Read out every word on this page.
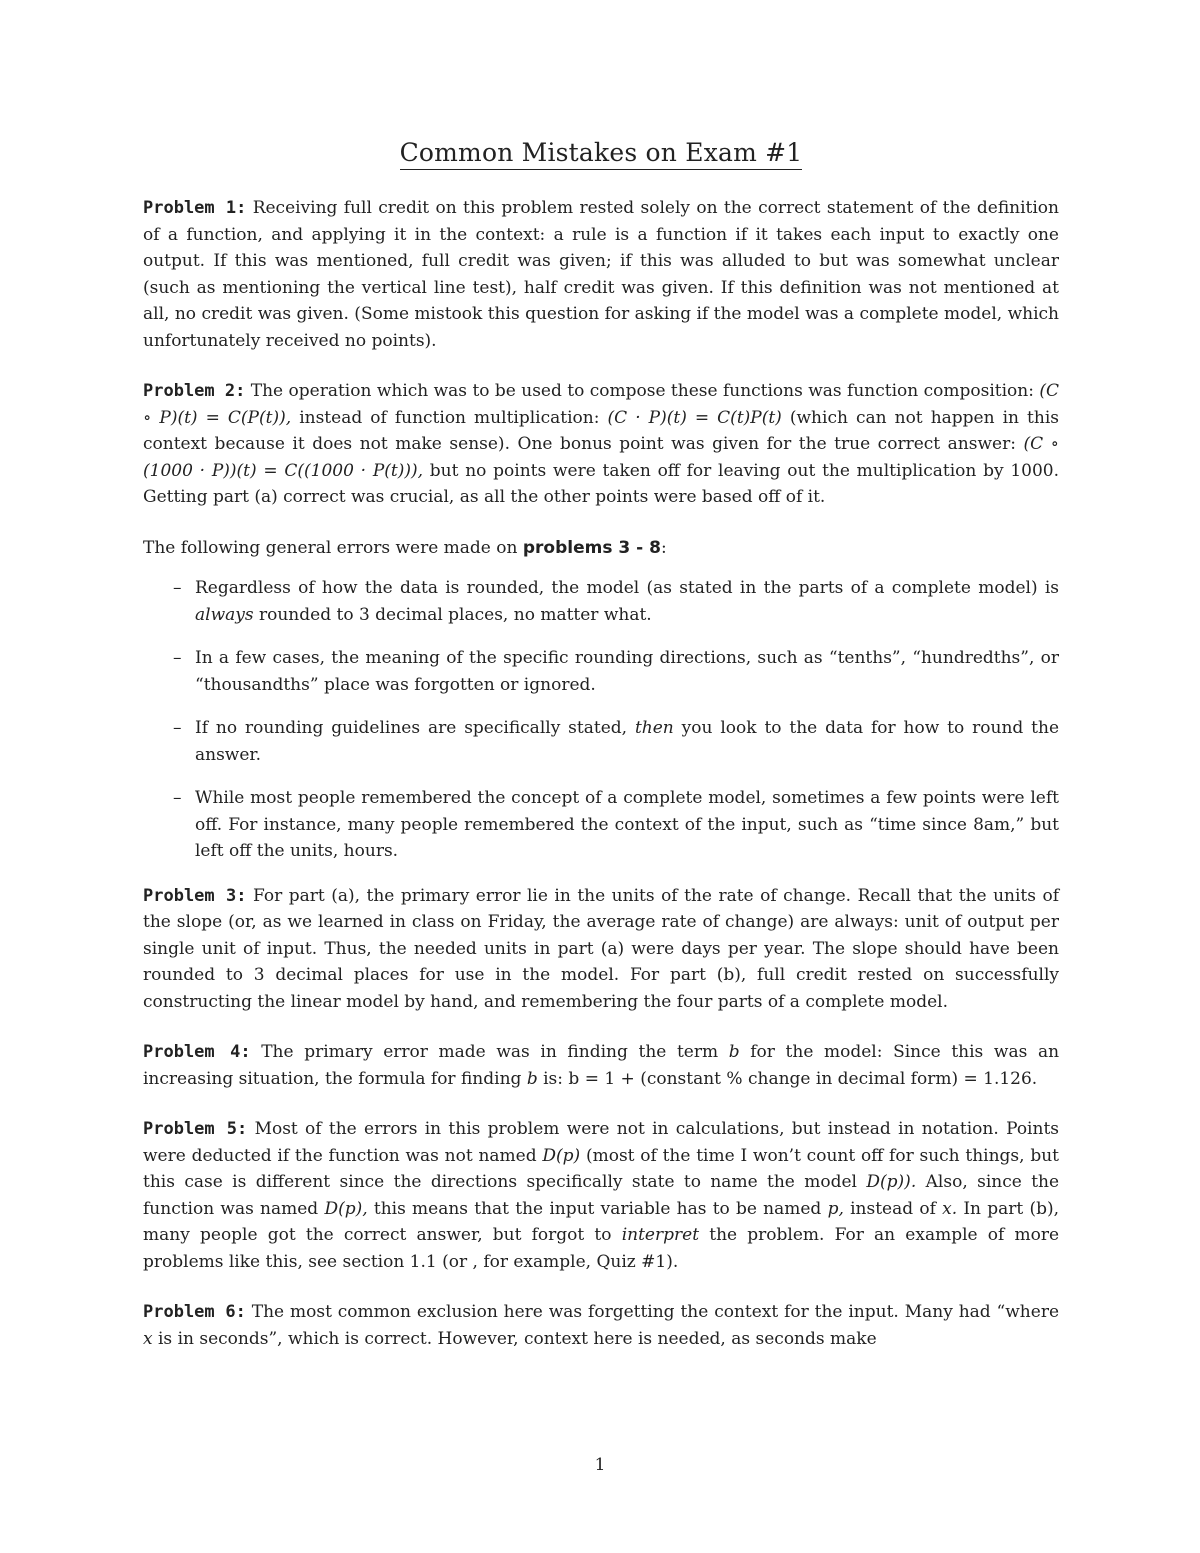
Common Mistakes on Exam #1

Problem 1: Receiving full credit on this problem rested solely on the correct statement of the definition of a function, and applying it in the context: a rule is a function if it takes each input to exactly one output. If this was mentioned, full credit was given; if this was alluded to but was somewhat unclear (such as mentioning the vertical line test), half credit was given. If this definition was not mentioned at all, no credit was given. (Some mistook this question for asking if the model was a complete model, which unfortunately received no points).

Problem 2: The operation which was to be used to compose these functions was function composition: (C ∘ P)(t) = C(P(t)), instead of function multiplication: (C · P)(t) = C(t)P(t) (which can not happen in this context because it does not make sense). One bonus point was given for the true correct answer: (C ∘ (1000 · P))(t) = C((1000 · P(t))), but no points were taken off for leaving out the multiplication by 1000. Getting part (a) correct was crucial, as all the other points were based off of it.

The following general errors were made on problems 3 - 8:

– Regardless of how the data is rounded, the model (as stated in the parts of a complete model) is always rounded to 3 decimal places, no matter what.
– In a few cases, the meaning of the specific rounding directions, such as “tenths”, “hundredths”, or “thousandths” place was forgotten or ignored.
– If no rounding guidelines are specifically stated, then you look to the data for how to round the answer.
– While most people remembered the concept of a complete model, sometimes a few points were left off. For instance, many people remembered the context of the input, such as “time since 8am,” but left off the units, hours.

Problem 3: For part (a), the primary error lie in the units of the rate of change. Recall that the units of the slope (or, as we learned in class on Friday, the average rate of change) are always: unit of output per single unit of input. Thus, the needed units in part (a) were days per year. The slope should have been rounded to 3 decimal places for use in the model. For part (b), full credit rested on successfully constructing the linear model by hand, and remembering the four parts of a complete model.

Problem 4: The primary error made was in finding the term b for the model: Since this was an increasing situation, the formula for finding b is: b = 1 + (constant % change in decimal form) = 1.126.

Problem 5: Most of the errors in this problem were not in calculations, but instead in notation. Points were deducted if the function was not named D(p) (most of the time I won’t count off for such things, but this case is different since the directions specifically state to name the model D(p)). Also, since the function was named D(p), this means that the input variable has to be named p, instead of x. In part (b), many people got the correct answer, but forgot to interpret the problem. For an example of more problems like this, see section 1.1 (or , for example, Quiz #1).

Problem 6: The most common exclusion here was forgetting the context for the input. Many had “where x is in seconds”, which is correct. However, context here is needed, as seconds make

1
